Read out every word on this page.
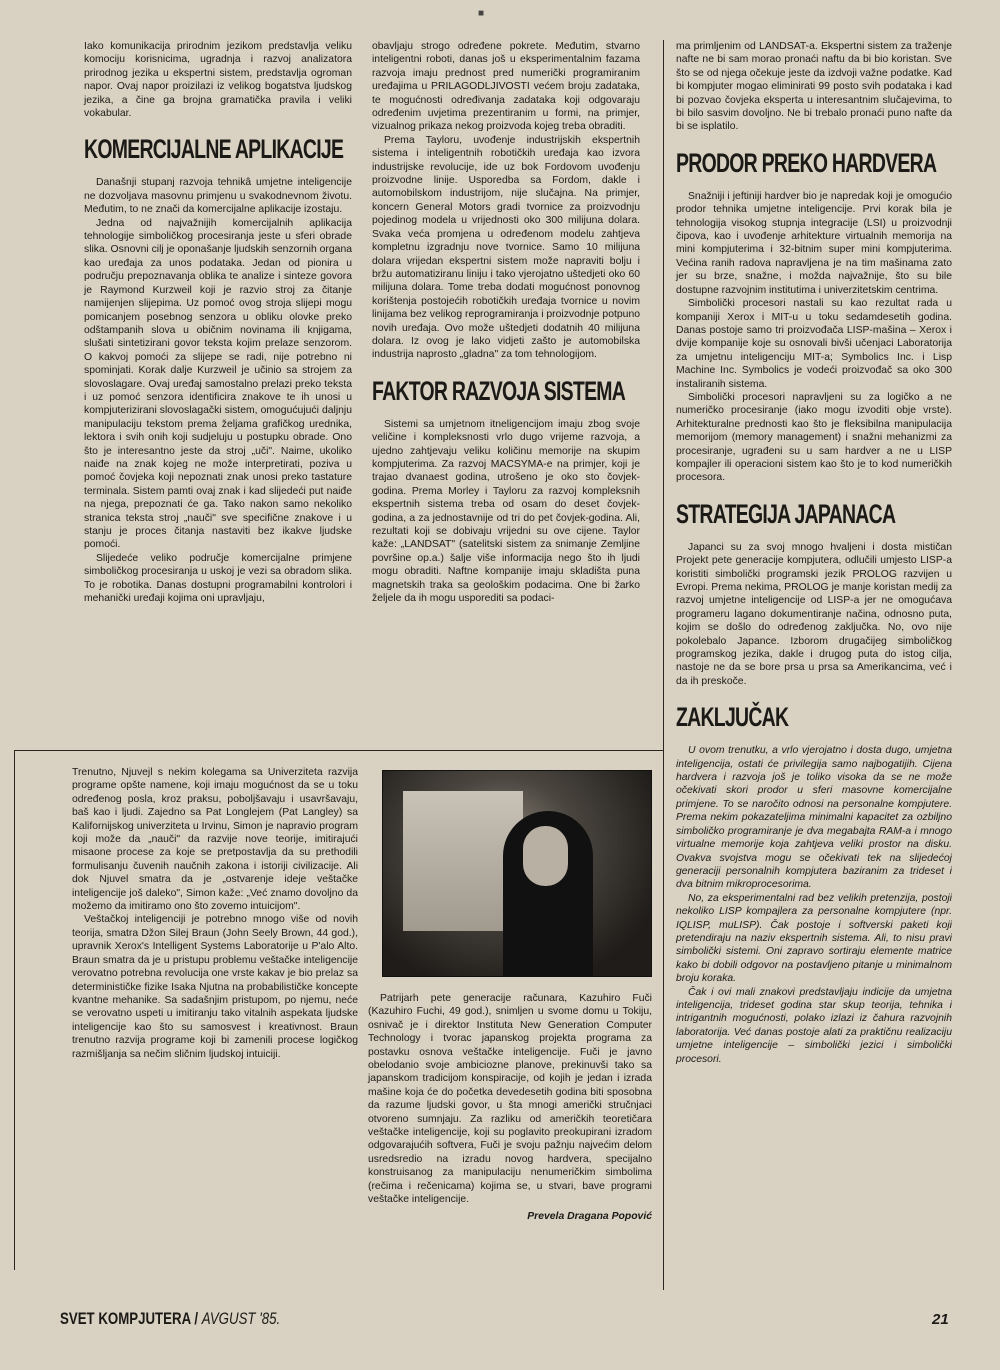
■

Iako komunikacija prirodnim jezikom predstavlja veliku komociju korisnicima, ugradnja i razvoj analizatora prirodnog jezika u ekspertni sistem, predstavlja ogroman napor. Ovaj napor proizilazi iz velikog bogatstva ljudskog jezika, a čine ga brojna gramatička pravila i veliki vokabular.

KOMERCIJALNE APLIKACIJE

Današnji stupanj razvoja tehnikâ umjetne inteligencije ne dozvoljava masovnu primjenu u svakodnevnom životu. Međutim, to ne znači da komercijalne aplikacije izostaju.

Jedna od najvažnijih komercijalnih aplikacija tehnologije simboličkog procesiranja jeste u sferi obrade slika. Osnovni cilj je oponašanje ljudskih senzornih organa kao uređaja za unos podataka. Jedan od pionira u području prepoznavanja oblika te analize i sinteze govora je Raymond Kurzweil koji je razvio stroj za čitanje namijenjen slijepima. Uz pomoć ovog stroja slijepi mogu pomicanjem posebnog senzora u obliku olovke preko odštampanih slova u običnim novinama ili knjigama, slušati sintetizirani govor teksta kojim prelaze senzorom. O kakvoj pomoći za slijepe se radi, nije potrebno ni spominjati. Korak dalje Kurzweil je učinio sa strojem za slovoslagare. Ovaj uređaj samostalno prelazi preko teksta i uz pomoć senzora identificira znakove te ih unosi u kompjuterizirani slovoslagački sistem, omogućujući daljnju manipulaciju tekstom prema željama grafičkog urednika, lektora i svih onih koji sudjeluju u postupku obrade. Ono što je interesantno jeste da stroj „uči". Naime, ukoliko naiđe na znak kojeg ne može interpretirati, poziva u pomoć čovjeka koji nepoznati znak unosi preko tastature terminala. Sistem pamti ovaj znak i kad slijedeći put naiđe na njega, prepoznati će ga. Tako nakon samo nekoliko stranica teksta stroj „nauči" sve specifične znakove i u stanju je proces čitanja nastaviti bez ikakve ljudske pomoći.

Slijedeće veliko područje komercijalne primjene simboličkog procesiranja u uskoj je vezi sa obradom slika. To je robotika. Danas dostupni programabilni kontrolori i mehanički uređaji kojima oni upravljaju,

obavljaju strogo određene pokrete. Međutim, stvarno inteligentni roboti, danas još u eksperimentalnim fazama razvoja imaju prednost pred numerički programiranim uređajima u PRILAGODLJIVOSTI većem broju zadataka, te mogućnosti određivanja zadataka koji odgovaraju određenim uvjetima prezentiranim u formi, na primjer, vizualnog prikaza nekog proizvoda kojeg treba obraditi.

Prema Tayloru, uvođenje industrijskih ekspertnih sistema i inteligentnih robotičkih uređaja kao izvora industrijske revolucije, ide uz bok Fordovom uvođenju proizvodne linije. Usporedba sa Fordom, dakle i automobilskom industrijom, nije slučajna. Na primjer, koncern General Motors gradi tvornice za proizvodnju pojedinog modela u vrijednosti oko 300 milijuna dolara. Svaka veća promjena u određenom modelu zahtjeva kompletnu izgradnju nove tvornice. Samo 10 milijuna dolara vrijedan ekspertni sistem može napraviti bolju i bržu automatiziranu liniju i tako vjerojatno uštedjeti oko 60 milijuna dolara. Tome treba dodati mogućnost ponovnog korištenja postojećih robotičkih uređaja tvornice u novim linijama bez velikog reprogramiranja i proizvodnje potpuno novih uređaja. Ovo može uštedjeti dodatnih 40 milijuna dolara. Iz ovog je lako vidjeti zašto je automobilska industrija naprosto „gladna" za tom tehnologijom.

FAKTOR RAZVOJA SISTEMA

Sistemi sa umjetnom itneligencijom imaju zbog svoje veličine i kompleksnosti vrlo dugo vrijeme razvoja, a ujedno zahtjevaju veliku količinu memorije na skupim kompjuterima. Za razvoj MACSYMA-e na primjer, koji je trajao dvanaest godina, utrošeno je oko sto čovjek-godina. Prema Morley i Tayloru za razvoj kompleksnih ekspertnih sistema treba od osam do deset čovjek-godina, a za jednostavnije od tri do pet čovjek-godina. Ali, rezultati koji se dobivaju vrijedni su ove cijene. Taylor kaže: „LANDSAT" (satelitski sistem za snimanje Zemljine površine op.a.) šalje više informacija nego što ih ljudi mogu obraditi. Naftne kompanije imaju skladišta puna magnetskih traka sa geološkim podacima. One bi žarko željele da ih mogu usporediti sa podaci-

ma primljenim od LANDSAT-a. Ekspertni sistem za traženje nafte ne bi sam morao pronaći naftu da bi bio koristan. Sve što se od njega očekuje jeste da izdvoji važne podatke. Kad bi kompjuter mogao eliminirati 99 posto svih podataka i kad bi pozvao čovjeka eksperta u interesantnim slučajevima, to bi bilo sasvim dovoljno. Ne bi trebalo pronaći puno nafte da bi se isplatilo.

PRODOR PREKO HARDVERA

Snažniji i jeftiniji hardver bio je napredak koji je omogućio prodor tehnika umjetne inteligencije. Prvi korak bila je tehnologija visokog stupnja integracije (LSI) u proizvodnji čipova, kao i uvođenje arhitekture virtualnih memorija na mini kompjuterima i 32-bitnim super mini kompjuterima. Većina ranih radova napravljena je na tim mašinama zato jer su brze, snažne, i možda najvažnije, što su bile dostupne razvojnim institutima i univerzitetskim centrima.

Simbolički procesori nastali su kao rezultat rada u kompaniji Xerox i MIT-u u toku sedamdesetih godina. Danas postoje samo tri proizvođača LISP-mašina – Xerox i dvije kompanije koje su osnovali bivši učenjaci Laboratorija za umjetnu inteligenciju MIT-a; Symbolics Inc. i Lisp Machine Inc. Symbolics je vodeći proizvođač sa oko 300 instaliranih sistema.

Simbolički procesori napravljeni su za logičko a ne numeričko procesiranje (iako mogu izvoditi obje vrste). Arhitekturalne prednosti kao što je fleksibilna manipulacija memorijom (memory management) i snažni mehanizmi za procesiranje, ugrađeni su u sam hardver a ne u LISP kompajler ili operacioni sistem kao što je to kod numeričkih procesora.

STRATEGIJA JAPANACA

Japanci su za svoj mnogo hvaljeni i dosta mističan Projekt pete generacije kompjutera, odlučili umjesto LISP-a koristiti simbolički programski jezik PROLOG razvijen u Evropi. Prema nekima, PROLOG je manje koristan medij za razvoj umjetne inteligencije od LISP-a jer ne omogućava programeru lagano dokumentiranje načina, odnosno puta, kojim se došlo do određenog zaključka. No, ovo nije pokolebalo Japance. Izborom drugačijeg simboličkog programskog jezika, dakle i drugog puta do istog cilja, nastoje ne da se bore prsa u prsa sa Amerikancima, već i da ih preskoče.

ZAKLJUČAK

U ovom trenutku, a vrlo vjerojatno i dosta dugo, umjetna inteligencija, ostati će privilegija samo najbogatijih. Cijena hardvera i razvoja još je toliko visoka da se ne može očekivati skori prodor u sferi masovne komercijalne primjene. To se naročito odnosi na personalne kompjutere. Prema nekim pokazateljima minimalni kapacitet za ozbiljno simboličko programiranje je dva megabajta RAM-a i mnogo virtualne memorije koja zahtjeva veliki prostor na disku. Ovakva svojstva mogu se očekivati tek na slijedećoj generaciji personalnih kompjutera baziranim za trideset i dva bitnim mikroprocesorima.

No, za eksperimentalni rad bez velikih pretenzija, postoji nekoliko LISP kompajlera za personalne kompjutere (npr. IQLISP, muLISP). Čak postoje i softverski paketi koji pretendiraju na naziv ekspertnih sistema. Ali, to nisu pravi simbolički sistemi. Oni zapravo sortiraju elemente matrice kako bi dobili odgovor na postavljeno pitanje u minimalnom broju koraka.

Čak i ovi mali znakovi predstavljaju indicije da umjetna inteligencija, trideset godina star skup teorija, tehnika i intrigantnih mogućnosti, polako izlazi iz čahura razvojnih laboratorija. Već danas postoje alati za praktičnu realizaciju umjetne inteligencije – simbolički jezici i simbolički procesori.

Trenutno, Njuvejl s nekim kolegama sa Univerziteta razvija programe opšte namene, koji imaju mogućnost da se u toku određenog posla, kroz praksu, poboljšavaju i usavršavaju, baš kao i ljudi. Zajedno sa Pat Longlejem (Pat Langley) sa Kalifornijskog univerziteta u Irvinu, Simon je napravio program koji može da „nauči" da razvije nove teorije, imitirajući misaone procese za koje se pretpostavlja da su prethodili formulisanju čuvenih naučnih zakona i istoriji civilizacije. Ali dok Njuvel smatra da je „ostvarenje ideje veštačke inteligencije još daleko", Simon kaže: „Već znamo dovoljno da možemo da imitiramo ono što zovemo intuicijom".

Veštačkoj inteligenciji je potrebno mnogo više od novih teorija, smatra Džon Silej Braun (John Seely Brown, 44 god.), upravnik Xerox's Intelligent Systems Laboratorije u P'alo Alto. Braun smatra da je u pristupu problemu veštačke inteligencije verovatno potrebna revolucija one vrste kakav je bio prelaz sa determinističke fizike Isaka Njutna na probabilističke koncepte kvantne mehanike. Sa sadašnjim pristupom, po njemu, neće se verovatno uspeti u imitiranju tako vitalnih aspekata ljudske inteligencije kao što su samosvest i kreativnost. Braun trenutno razvija programe koji bi zamenili procese logičkog razmišljanja sa nečim sličnim ljudskoj intuiciji.

Patrijarh pete generacije računara, Kazuhiro Fuči (Kazuhiro Fuchi, 49 god.), snimljen u svome domu u Tokiju, osnivač je i direktor Instituta New Generation Computer Technology i tvorac japanskog projekta programa za postavku osnova veštačke inteligencije. Fuči je javno obelodanio svoje ambiciozne planove, prekinuvši tako sa japanskom tradicijom konspiracije, od kojih je jedan i izrada mašine koja će do početka devedesetih godina biti sposobna da razume ljudski govor, u šta mnogi američki stručnjaci otvoreno sumnjaju. Za razliku od američkih teoretičara veštačke inteligencije, koji su poglavito preokupirani izradom odgovarajućih softvera, Fuči je svoju pažnju najvećim delom usredsredio na izradu novog hardvera, specijalno konstruisanog za manipulaciju nenumeričkim simbolima (rečima i rečenicama) kojima se, u stvari, bave programi veštačke inteligencije.

Prevela Dragana Popović
SVET KOMPJUTERA / AVGUST '85.	21
